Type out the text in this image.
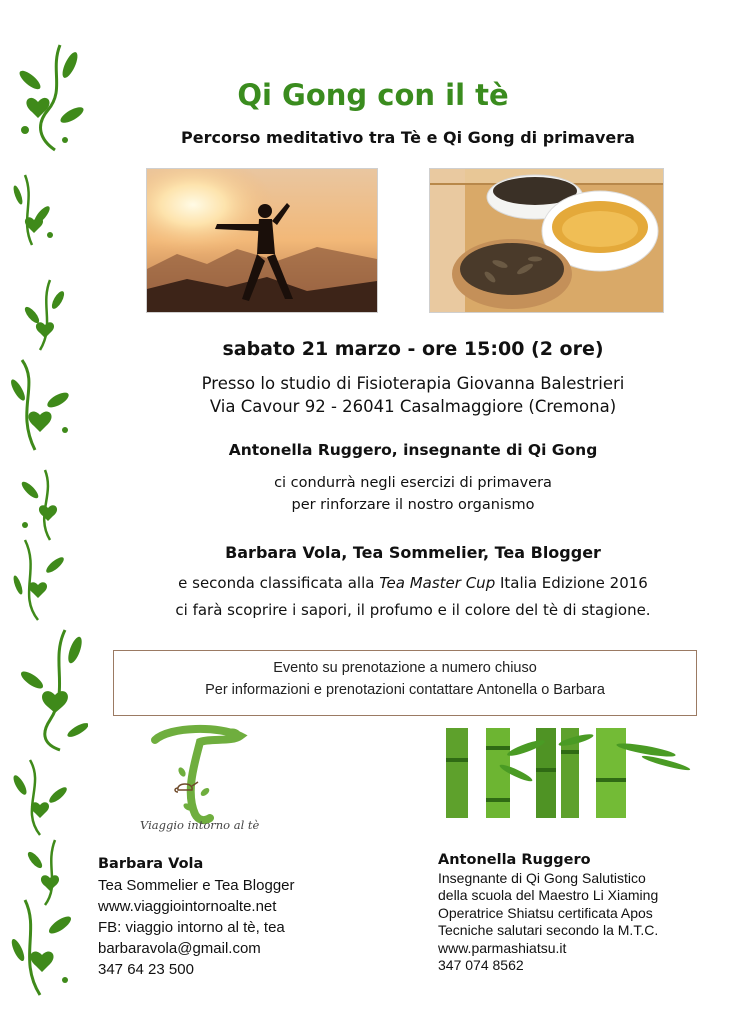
Qi Gong con il tè
Percorso meditativo tra Tè e Qi Gong di primavera
sabato 21 marzo - ore 15:00 (2 ore)
Presso lo studio di Fisioterapia Giovanna Balestrieri
Via Cavour 92 - 26041 Casalmaggiore (Cremona)
Antonella Ruggero, insegnante di Qi Gong
ci condurrà negli esercizi di primavera
per rinforzare il nostro organismo
Barbara Vola, Tea Sommelier, Tea Blogger
e seconda classificata alla Tea Master Cup Italia Edizione 2016
ci farà scoprire i sapori, il profumo e il colore del tè di stagione.
Evento su prenotazione a numero chiuso
Per informazioni e prenotazioni contattare Antonella o Barbara
Viaggio intorno al tè
Barbara Vola
Tea Sommelier e Tea Blogger
www.viaggiointornoalte.net
FB: viaggio intorno al tè, tea
barbaravola@gmail.com
347 64 23 500
Antonella Ruggero
Insegnante di Qi Gong Salutistico
della scuola del Maestro Li Xiaming
Operatrice Shiatsu certificata Apos
Tecniche salutari secondo la M.T.C.
www.parmashiatsu.it
347 074 8562
